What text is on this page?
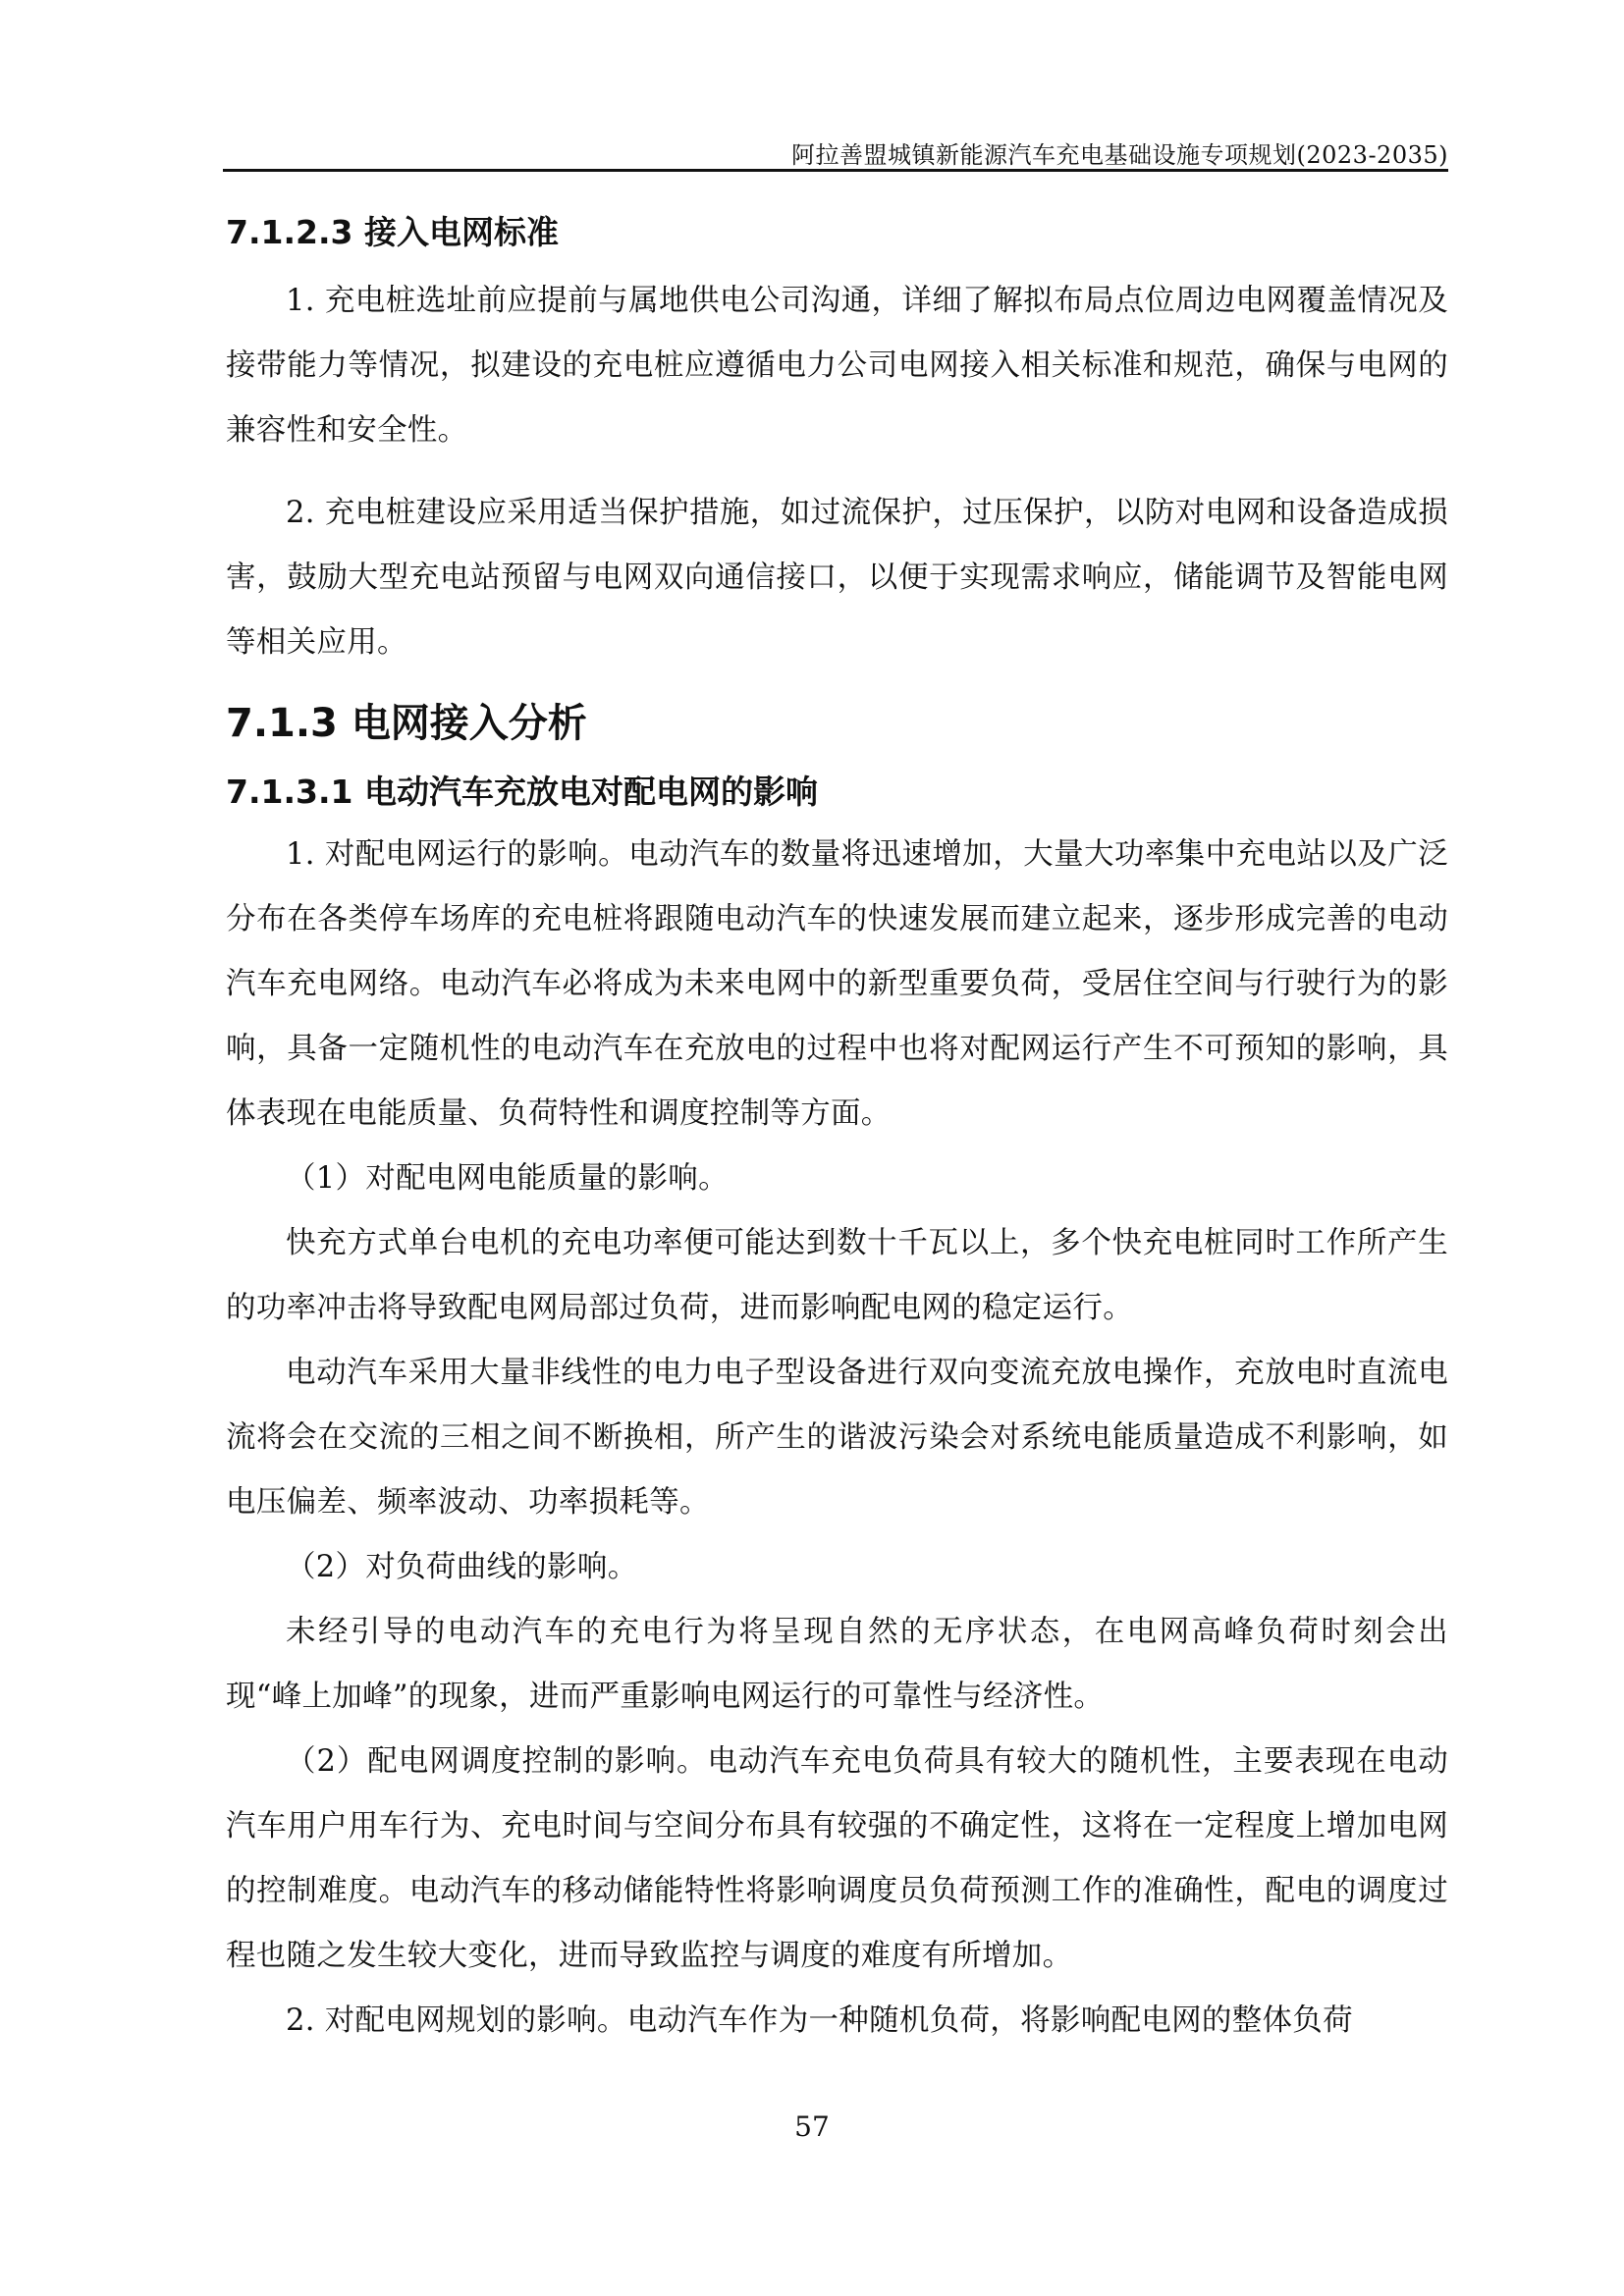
阿拉善盟城镇新能源汽车充电基础设施专项规划(2023-2035)
7.1.2.3 接入电网标准

1. 充电桩选址前应提前与属地供电公司沟通，详细了解拟布局点位周边电网覆盖情况及接带能力等情况，拟建设的充电桩应遵循电力公司电网接入相关标准和规范，确保与电网的兼容性和安全性。

2. 充电桩建设应采用适当保护措施，如过流保护，过压保护，以防对电网和设备造成损害，鼓励大型充电站预留与电网双向通信接口，以便于实现需求响应，储能调节及智能电网等相关应用。

7.1.3 电网接入分析
7.1.3.1 电动汽车充放电对配电网的影响

1. 对配电网运行的影响。电动汽车的数量将迅速增加，大量大功率集中充电站以及广泛分布在各类停车场库的充电桩将跟随电动汽车的快速发展而建立起来，逐步形成完善的电动汽车充电网络。电动汽车必将成为未来电网中的新型重要负荷，受居住空间与行驶行为的影响，具备一定随机性的电动汽车在充放电的过程中也将对配网运行产生不可预知的影响，具体表现在电能质量、负荷特性和调度控制等方面。

（1）对配电网电能质量的影响。

快充方式单台电机的充电功率便可能达到数十千瓦以上，多个快充电桩同时工作所产生的功率冲击将导致配电网局部过负荷，进而影响配电网的稳定运行。

电动汽车采用大量非线性的电力电子型设备进行双向变流充放电操作，充放电时直流电流将会在交流的三相之间不断换相，所产生的谐波污染会对系统电能质量造成不利影响，如电压偏差、频率波动、功率损耗等。

（2）对负荷曲线的影响。

未经引导的电动汽车的充电行为将呈现自然的无序状态，在电网高峰负荷时刻会出现“峰上加峰”的现象，进而严重影响电网运行的可靠性与经济性。

（2）配电网调度控制的影响。电动汽车充电负荷具有较大的随机性，主要表现在电动汽车用户用车行为、充电时间与空间分布具有较强的不确定性，这将在一定程度上增加电网的控制难度。电动汽车的移动储能特性将影响调度员负荷预测工作的准确性，配电的调度过程也随之发生较大变化，进而导致监控与调度的难度有所增加。

2. 对配电网规划的影响。电动汽车作为一种随机负荷，将影响配电网的整体负荷

57
